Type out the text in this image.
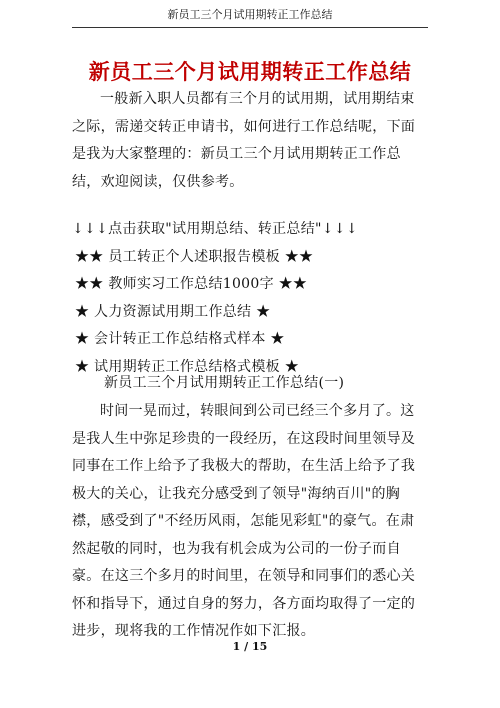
新员工三个月试用期转正工作总结
新员工三个月试用期转正工作总结
一般新入职人员都有三个月的试用期，试用期结束之际，需递交转正申请书，如何进行工作总结呢，下面是我为大家整理的：新员工三个月试用期转正工作总结，欢迎阅读，仅供参考。
↓↓↓点击获取"试用期总结、转正总结"↓↓↓
★★ 员工转正个人述职报告模板 ★★
★★ 教师实习工作总结1000字 ★★
★ 人力资源试用期工作总结 ★
★ 会计转正工作总结格式样本 ★
★ 试用期转正工作总结格式模板 ★
新员工三个月试用期转正工作总结(一)
时间一晃而过，转眼间到公司已经三个多月了。这是我人生中弥足珍贵的一段经历，在这段时间里领导及同事在工作上给予了我极大的帮助，在生活上给予了我极大的关心，让我充分感受到了领导"海纳百川"的胸襟，感受到了"不经历风雨，怎能见彩虹"的豪气。在肃然起敬的同时，也为我有机会成为公司的一份子而自豪。在这三个多月的时间里，在领导和同事们的悉心关怀和指导下，通过自身的努力，各方面均取得了一定的进步，现将我的工作情况作如下汇报。
1 / 15
